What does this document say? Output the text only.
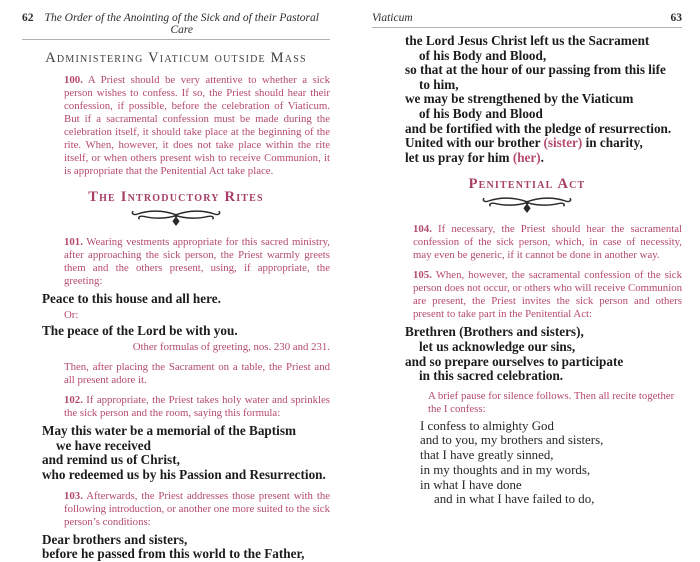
62 The Order of the Anointing of the Sick and of their Pastoral Care
Administering Viaticum outside Mass
100. A Priest should be very attentive to whether a sick person wishes to confess. If so, the Priest should hear their confession, if possible, before the celebration of Viaticum. But if a sacramental confession must be made during the celebration itself, it should take place at the beginning of the rite. When, however, it does not take place within the rite itself, or when others present wish to receive Communion, it is appropriate that the Penitential Act take place.
The Introductory Rites
101. Wearing vestments appropriate for this sacred ministry, after approaching the sick person, the Priest warmly greets them and the others present, using, if appropriate, the greeting:
Peace to this house and all here.
Or:
The peace of the Lord be with you.
Other formulas of greeting, nos. 230 and 231.
Then, after placing the Sacrament on a table, the Priest and all present adore it.
102. If appropriate, the Priest takes holy water and sprinkles the sick person and the room, saying this formula:
May this water be a memorial of the Baptism
we have received
and remind us of Christ,
who redeemed us by his Passion and Resurrection.
103. Afterwards, the Priest addresses those present with the following introduction, or another one more suited to the sick person’s conditions:
Dear brothers and sisters,
before he passed from this world to the Father,
Viaticum	63
the Lord Jesus Christ left us the Sacrament
of his Body and Blood,
so that at the hour of our passing from this life
to him,
we may be strengthened by the Viaticum
of his Body and Blood
and be fortified with the pledge of resurrection.
United with our brother (sister) in charity,
let us pray for him (her).
Penitential Act
104. If necessary, the Priest should hear the sacramental confession of the sick person, which, in case of necessity, may even be generic, if it cannot be done in another way.
105. When, however, the sacramental confession of the sick person does not occur, or others who will receive Communion are present, the Priest invites the sick person and others present to take part in the Penitential Act:
Brethren (Brothers and sisters),
let us acknowledge our sins,
and so prepare ourselves to participate
in this sacred celebration.
A brief pause for silence follows. Then all recite together the I confess:
I confess to almighty God
and to you, my brothers and sisters,
that I have greatly sinned,
in my thoughts and in my words,
in what I have done
and in what I have failed to do,
